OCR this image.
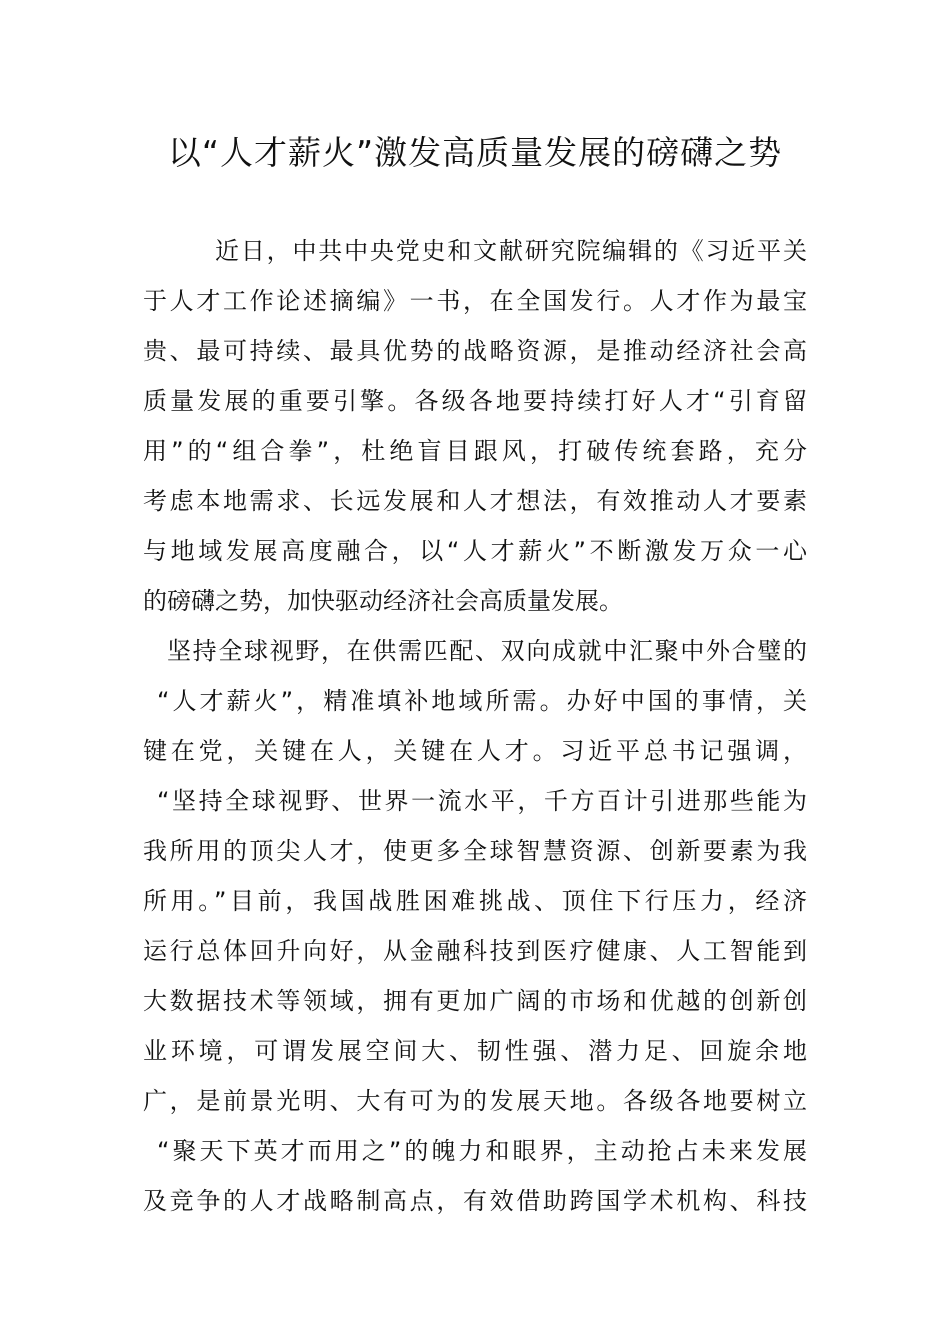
以“人才薪火”激发高质量发展的磅礴之势
近日，中共中央党史和文献研究院编辑的《习近平关
于人才工作论述摘编》一书，在全国发行。人才作为最宝
贵、最可持续、最具优势的战略资源，是推动经济社会高
质量发展的重要引擎。各级各地要持续打好人才“引育留
用”的“组合拳”，杜绝盲目跟风，打破传统套路，充分
考虑本地需求、长远发展和人才想法，有效推动人才要素
与地域发展高度融合，以“人才薪火”不断激发万众一心
的磅礴之势，加快驱动经济社会高质量发展。
坚持全球视野，在供需匹配、双向成就中汇聚中外合璧的
“人才薪火”，精准填补地域所需。办好中国的事情，关
键在党，关键在人，关键在人才。习近平总书记强调，
“坚持全球视野、世界一流水平，千方百计引进那些能为
我所用的顶尖人才，使更多全球智慧资源、创新要素为我
所用。”目前，我国战胜困难挑战、顶住下行压力，经济
运行总体回升向好，从金融科技到医疗健康、人工智能到
大数据技术等领域，拥有更加广阔的市场和优越的创新创
业环境，可谓发展空间大、韧性强、潜力足、回旋余地
广，是前景光明、大有可为的发展天地。各级各地要树立
“聚天下英才而用之”的魄力和眼界，主动抢占未来发展
及竞争的人才战略制高点，有效借助跨国学术机构、科技
